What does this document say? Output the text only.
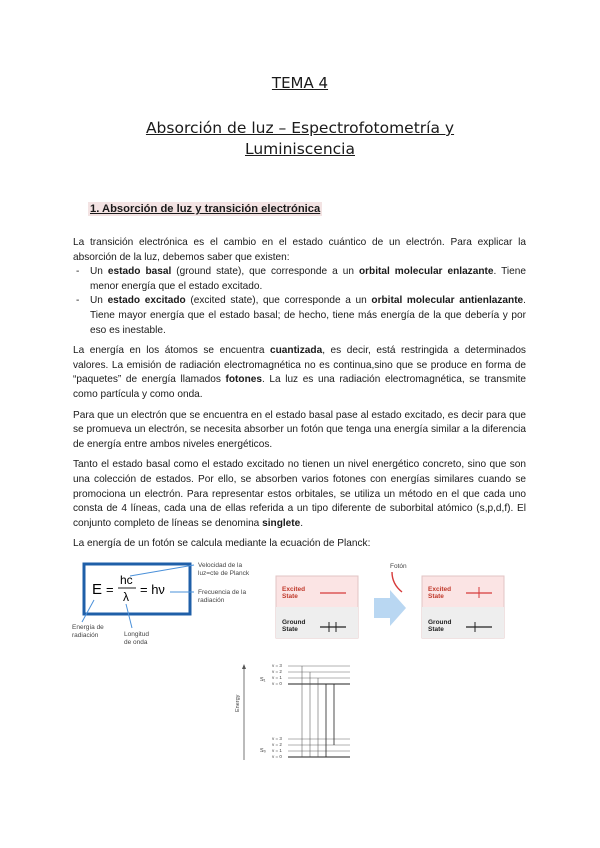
TEMA 4
Absorción de luz – Espectrofotometría y
Luminiscencia
1. Absorción de luz y transición electrónica

La transición electrónica es el cambio en el estado cuántico de un electrón. Para explicar la absorción de la luz, debemos saber que existen:

- Un estado basal (ground state), que corresponde a un orbital molecular enlazante. Tiene menor energía que el estado excitado.
- Un estado excitado (excited state), que corresponde a un orbital molecular antienlazante. Tiene mayor energía que el estado basal; de hecho, tiene más energía de la que debería y por eso es inestable.

La energía en los átomos se encuentra cuantizada, es decir, está restringida a determinados valores. La emisión de radiación electromagnética no es continua,sino que se produce en forma de “paquetes” de energía llamados fotones. La luz es una radiación electromagnética, se transmite como partícula y como onda.

Para que un electrón que se encuentra en el estado basal pase al estado excitado, es decir para que se promueva un electrón, se necesita absorber un fotón que tenga una energía similar a la diferencia de energía entre ambos niveles energéticos.

Tanto el estado basal como el estado excitado no tienen un nivel energético concreto, sino que son una colección de estados. Por ello, se absorben varios fotones con energías similares cuando se promociona un electrón. Para representar estos orbitales, se utiliza un método en el que cada uno consta de 4 líneas, cada una de ellas referida a un tipo diferente de suborbital atómico (s,p,d,f). El conjunto completo de líneas se denomina singlete.

La energía de un fotón se calcula mediante la ecuación de Planck:

E =
hc
λ = hν
Velocidad de la
luz=cte de Planck
Frecuencia de la
radiación
Energía de
radiación	Longitud
de onda
Excited
State
Ground
State
Fotón
Excited
State
Ground
State
Energy
S₁
v = 3
v = 2
v = 1
v = 0
S₀
v = 3
v = 2
v = 1
v = 0
